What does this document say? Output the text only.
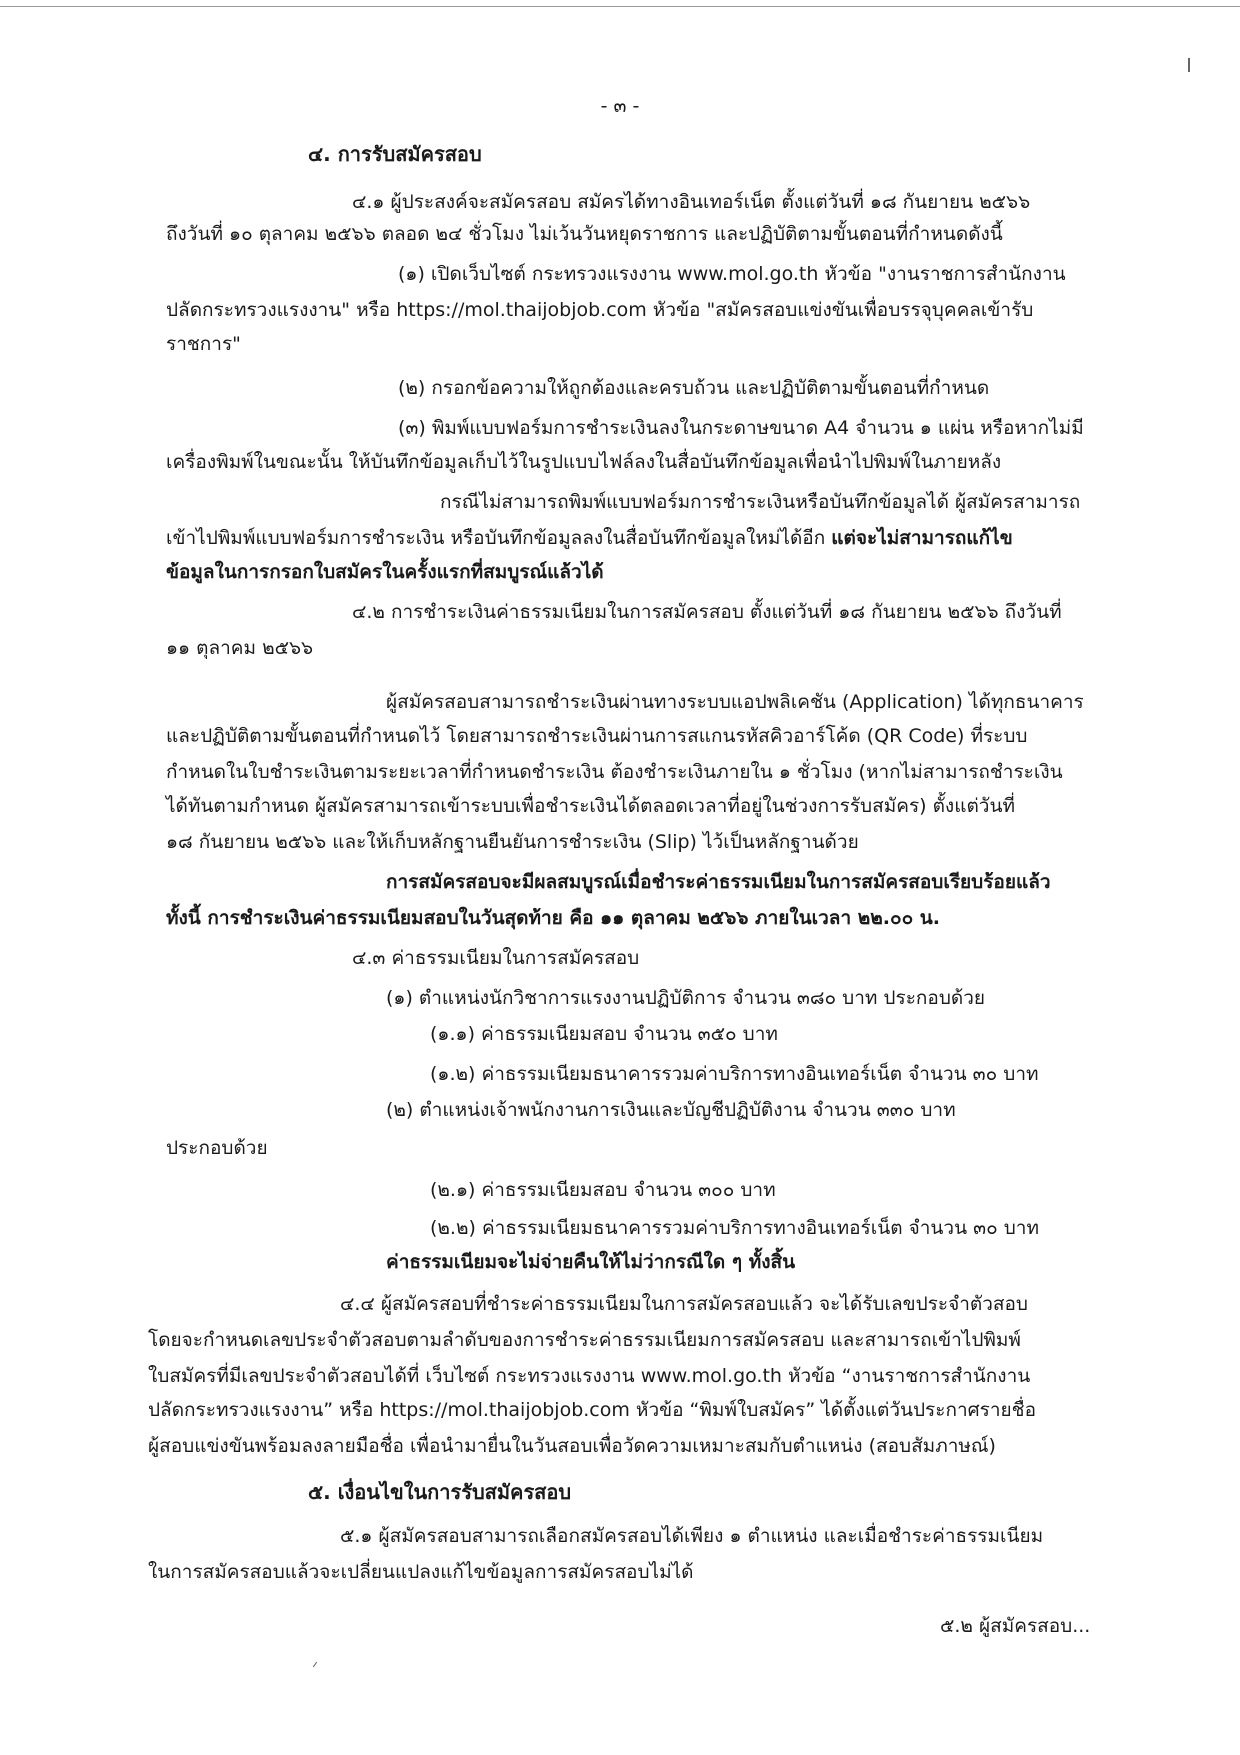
- ๓ -

๔. การรับสมัครสอบ

๔.๑ ผู้ประสงค์จะสมัครสอบ สมัครได้ทางอินเทอร์เน็ต ตั้งแต่วันที่ ๑๘ กันยายน ๒๕๖๖

ถึงวันที่ ๑๐ ตุลาคม ๒๕๖๖ ตลอด ๒๔ ชั่วโมง ไม่เว้นวันหยุดราชการ และปฏิบัติตามขั้นตอนที่กำหนดดังนี้

(๑) เปิดเว็บไซต์ กระทรวงแรงงาน www.mol.go.th หัวข้อ "งานราชการสำนักงาน

ปลัดกระทรวงแรงงาน" หรือ https://mol.thaijobjob.com หัวข้อ "สมัครสอบแข่งขันเพื่อบรรจุบุคคลเข้ารับ

ราชการ"

(๒) กรอกข้อความให้ถูกต้องและครบถ้วน และปฏิบัติตามขั้นตอนที่กำหนด

(๓) พิมพ์แบบฟอร์มการชำระเงินลงในกระดาษขนาด A4 จำนวน ๑ แผ่น หรือหากไม่มี

เครื่องพิมพ์ในขณะนั้น ให้บันทึกข้อมูลเก็บไว้ในรูปแบบไฟล์ลงในสื่อบันทึกข้อมูลเพื่อนำไปพิมพ์ในภายหลัง

กรณีไม่สามารถพิมพ์แบบฟอร์มการชำระเงินหรือบันทึกข้อมูลได้ ผู้สมัครสามารถ

เข้าไปพิมพ์แบบฟอร์มการชำระเงิน หรือบันทึกข้อมูลลงในสื่อบันทึกข้อมูลใหม่ได้อีก แต่จะไม่สามารถแก้ไข

ข้อมูลในการกรอกใบสมัครในครั้งแรกที่สมบูรณ์แล้วได้

๔.๒ การชำระเงินค่าธรรมเนียมในการสมัครสอบ ตั้งแต่วันที่ ๑๘ กันยายน ๒๕๖๖ ถึงวันที่

๑๑ ตุลาคม ๒๕๖๖

ผู้สมัครสอบสามารถชำระเงินผ่านทางระบบแอปพลิเคชัน (Application) ได้ทุกธนาคาร

และปฏิบัติตามขั้นตอนที่กำหนดไว้ โดยสามารถชำระเงินผ่านการสแกนรหัสคิวอาร์โค้ด (QR Code) ที่ระบบ

กำหนดในใบชำระเงินตามระยะเวลาที่กำหนดชำระเงิน ต้องชำระเงินภายใน ๑ ชั่วโมง (หากไม่สามารถชำระเงิน

ได้ทันตามกำหนด ผู้สมัครสามารถเข้าระบบเพื่อชำระเงินได้ตลอดเวลาที่อยู่ในช่วงการรับสมัคร) ตั้งแต่วันที่

๑๘ กันยายน ๒๕๖๖ และให้เก็บหลักฐานยืนยันการชำระเงิน (Slip) ไว้เป็นหลักฐานด้วย

การสมัครสอบจะมีผลสมบูรณ์เมื่อชำระค่าธรรมเนียมในการสมัครสอบเรียบร้อยแล้ว

ทั้งนี้ การชำระเงินค่าธรรมเนียมสอบในวันสุดท้าย คือ ๑๑ ตุลาคม ๒๕๖๖ ภายในเวลา ๒๒.๐๐ น.

๔.๓ ค่าธรรมเนียมในการสมัครสอบ

(๑) ตำแหน่งนักวิชาการแรงงานปฏิบัติการ จำนวน ๓๘๐ บาท ประกอบด้วย

(๑.๑) ค่าธรรมเนียมสอบ จำนวน ๓๕๐ บาท

(๑.๒) ค่าธรรมเนียมธนาคารรวมค่าบริการทางอินเทอร์เน็ต จำนวน ๓๐ บาท

(๒) ตำแหน่งเจ้าพนักงานการเงินและบัญชีปฏิบัติงาน จำนวน ๓๓๐ บาท

ประกอบด้วย

(๒.๑) ค่าธรรมเนียมสอบ จำนวน ๓๐๐ บาท

(๒.๒) ค่าธรรมเนียมธนาคารรวมค่าบริการทางอินเทอร์เน็ต จำนวน ๓๐ บาท

ค่าธรรมเนียมจะไม่จ่ายคืนให้ไม่ว่ากรณีใด ๆ ทั้งสิ้น

๔.๔ ผู้สมัครสอบที่ชำระค่าธรรมเนียมในการสมัครสอบแล้ว จะได้รับเลขประจำตัวสอบ

โดยจะกำหนดเลขประจำตัวสอบตามลำดับของการชำระค่าธรรมเนียมการสมัครสอบ และสามารถเข้าไปพิมพ์

ใบสมัครที่มีเลขประจำตัวสอบได้ที่ เว็บไซต์ กระทรวงแรงงาน www.mol.go.th หัวข้อ “งานราชการสำนักงาน

ปลัดกระทรวงแรงงาน” หรือ https://mol.thaijobjob.com หัวข้อ “พิมพ์ใบสมัคร” ได้ตั้งแต่วันประกาศรายชื่อ

ผู้สอบแข่งขันพร้อมลงลายมือชื่อ เพื่อนำมายื่นในวันสอบเพื่อวัดความเหมาะสมกับตำแหน่ง (สอบสัมภาษณ์)

๕. เงื่อนไขในการรับสมัครสอบ

๕.๑ ผู้สมัครสอบสามารถเลือกสมัครสอบได้เพียง ๑ ตำแหน่ง และเมื่อชำระค่าธรรมเนียม

ในการสมัครสอบแล้วจะเปลี่ยนแปลงแก้ไขข้อมูลการสมัครสอบไม่ได้

๕.๒ ผู้สมัครสอบ...
